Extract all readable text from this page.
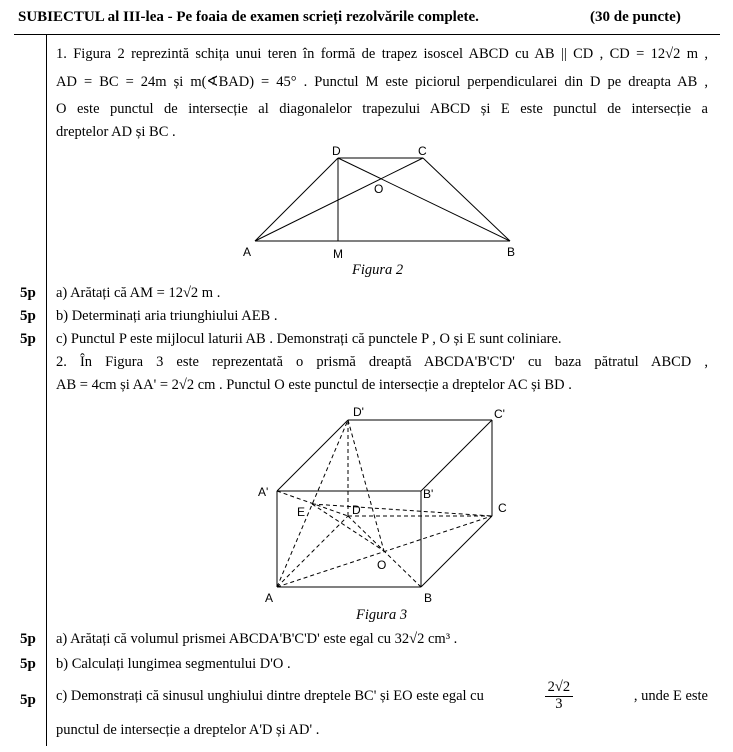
SUBIECTUL al III-lea - Pe foaia de examen scrieți rezolvările complete.	(30 de puncte)
1. Figura 2 reprezintă schița unui teren în formă de trapez isoscel ABCD cu AB || CD , CD = 12√2 m ,
AD = BC = 24m și m(∢BAD) = 45° . Punctul M este piciorul perpendicularei din D pe dreapta AB ,
O este punctul de intersecție al diagonalelor trapezului ABCD și E este punctul de intersecție a
dreptelor AD și BC .
D	C
O
A	M	B
Figura 2
5p a) Arătați că AM = 12√2 m .
5p b) Determinați aria triunghiului AEB .
5p c) Punctul P este mijlocul laturii AB . Demonstrați că punctele P , O și E sunt coliniare.
2. În Figura 3 este reprezentată o prismă dreaptă ABCDA'B'C'D' cu baza pătratul ABCD ,
AB = 4cm și AA' = 2√2 cm . Punctul O este punctul de intersecție a dreptelor AC și BD .
D'	C'
A'	B'
E	D	C
O
A	B
Figura 3
5p a) Arătați că volumul prismei ABCDA'B'C'D' este egal cu 32√2 cm³ .
5p b) Calculați lungimea segmentului D'O .
5p c) Demonstrați că sinusul unghiului dintre dreptele BC' și EO este egal cu	$\frac{2√2}{3}$	, unde E este
punctul de intersecție a dreptelor A'D și AD' .
